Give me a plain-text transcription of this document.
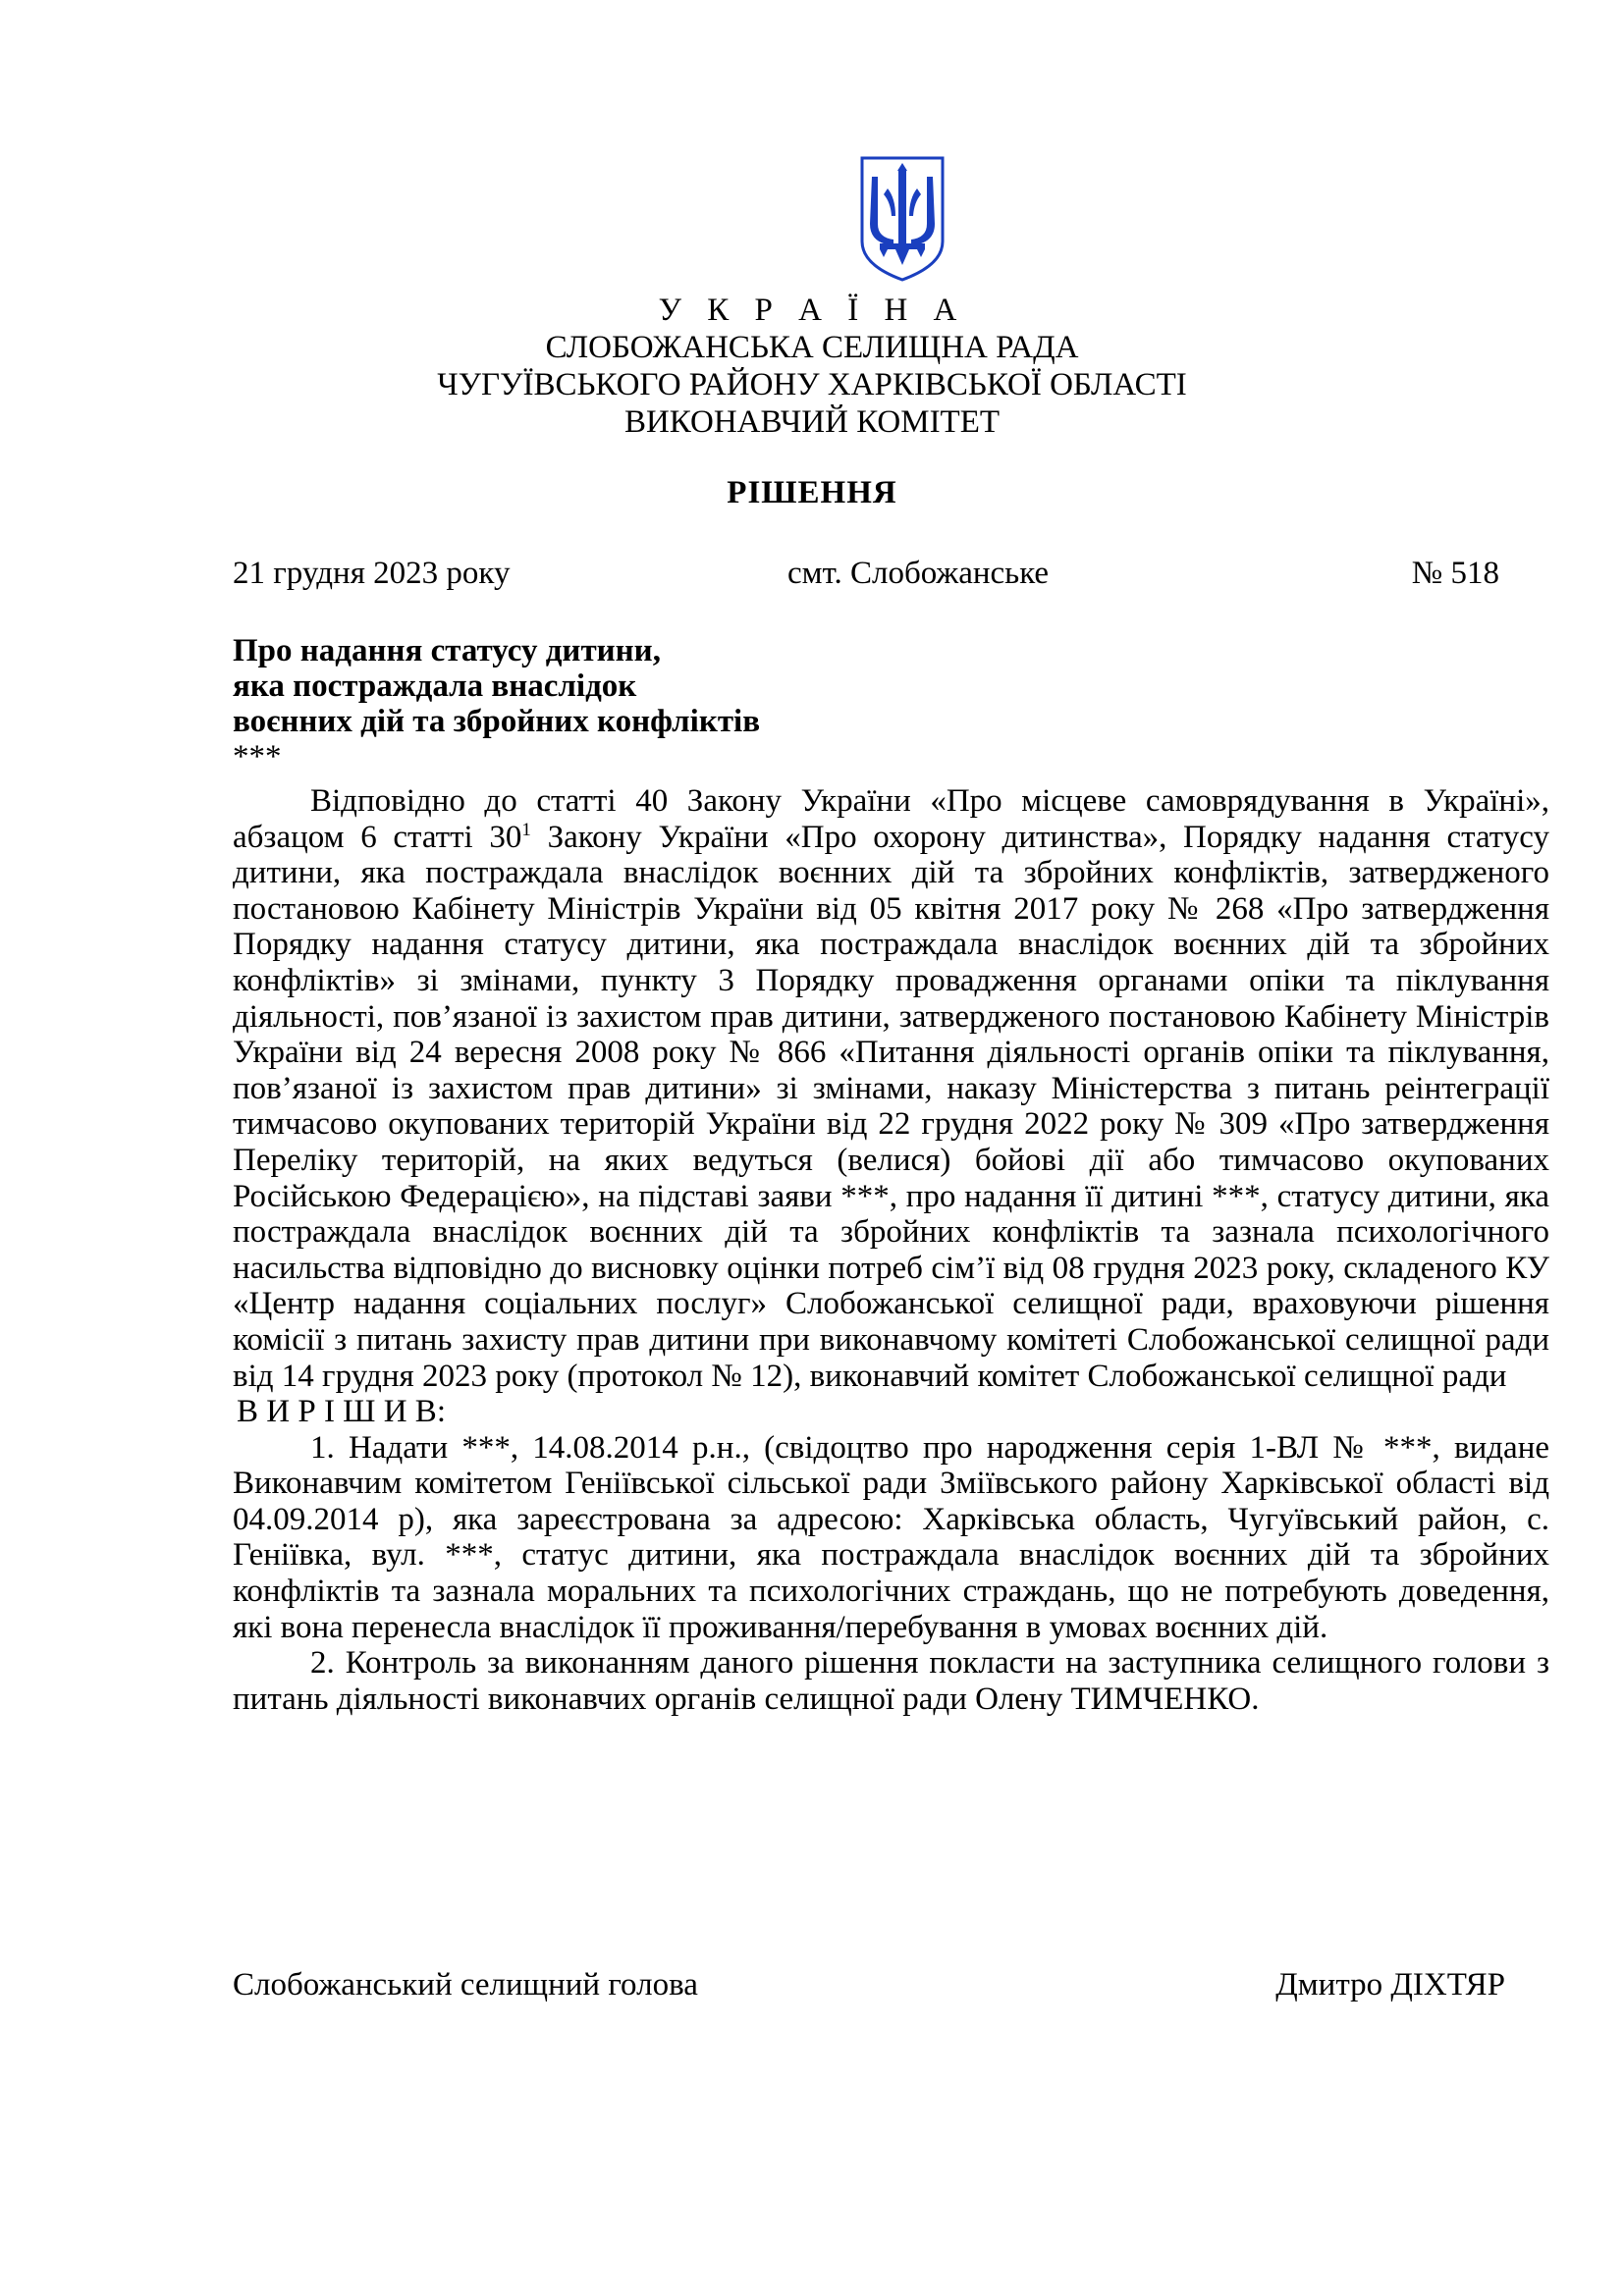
У К Р А Ї Н А
СЛОБОЖАНСЬКА СЕЛИЩНА РАДА
ЧУГУЇВСЬКОГО РАЙОНУ ХАРКІВСЬКОЇ ОБЛАСТІ
ВИКОНАВЧИЙ КОМІТЕТ
РІШЕННЯ
21 грудня 2023 року	смт. Слобожанське	№ 518
Про надання статусу дитини,
яка постраждала внаслідок
воєнних дій та збройних конфліктів
***

Відповідно до статті 40 Закону України «Про місцеве самоврядування в Україні», абзацом 6 статті $30^1$ Закону України «Про охорону дитинства», Порядку надання статусу дитини, яка постраждала внаслідок воєнних дій та збройних конфліктів, затвердженого постановою Кабінету Міністрів України від 05 квітня 2017 року № 268 «Про затвердження Порядку надання статусу дитини, яка постраждала внаслідок воєнних дій та збройних конфліктів» зі змінами, пункту 3 Порядку провадження органами опіки та піклування діяльності, пов’язаної із захистом прав дитини, затвердженого постановою Кабінету Міністрів України від 24 вересня 2008 року № 866 «Питання діяльності органів опіки та піклування, пов’язаної із захистом прав дитини» зі змінами, наказу Міністерства з питань реінтеграції тимчасово окупованих територій України від 22 грудня 2022 року № 309 «Про затвердження Переліку територій, на яких ведуться (велися) бойові дії або тимчасово окупованих Російською Федерацією», на підставі заяви ***, про надання її дитині ***, статусу дитини, яка постраждала внаслідок воєнних дій та збройних конфліктів та зазнала психологічного насильства відповідно до висновку оцінки потреб сім’ї від 08 грудня 2023 року, складеного КУ «Центр надання соціальних послуг» Слобожанської селищної ради, враховуючи рішення комісії з питань захисту прав дитини при виконавчому комітеті Слобожанської селищної ради від 14 грудня 2023 року (протокол № 12), виконавчий комітет Слобожанської селищної ради

В И Р І Ш И В:

1. Надати ***, 14.08.2014 р.н., (свідоцтво про народження серія 1-ВЛ № ***, видане Виконавчим комітетом Геніївської сільської ради Зміївського району Харківської області від 04.09.2014 р), яка зареєстрована за адресою: Харківська область, Чугуївський район, с. Геніївка, вул. ***, статус дитини, яка постраждала внаслідок воєнних дій та збройних конфліктів та зазнала моральних та психологічних страждань, що не потребують доведення, які вона перенесла внаслідок її проживання/перебування в умовах воєнних дій.

2. Контроль за виконанням даного рішення покласти на заступника селищного голови з питань діяльності виконавчих органів селищної ради Олену ТИМЧЕНКО.

Слобожанський селищний голова	Дмитро ДІХТЯР
